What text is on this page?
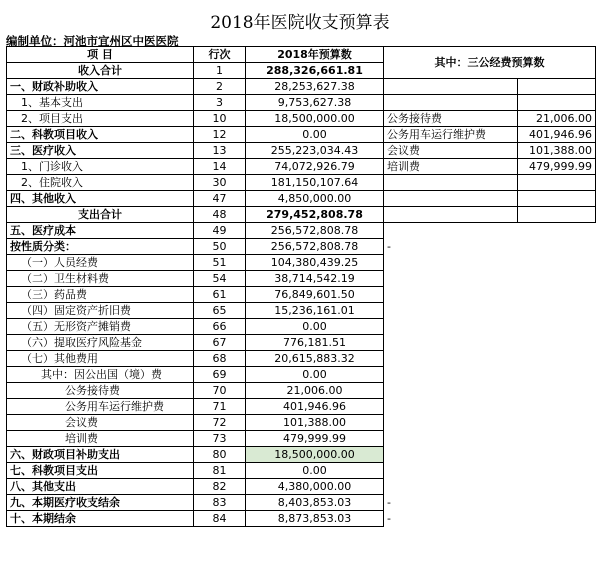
2018年医院收支预算表
编制单位：河池市宜州区中医医院
项 目	行次	2018年预算数	其中：三公经费预算数	
收入合计	1	288,326,661.81		
一、财政补助收入	2	28,253,627.38		
1、基本支出	3	9,753,627.38		
2、项目支出	10	18,500,000.00	公务接待费	21,006.00
二、科教项目收入	12	0.00	公务用车运行维护费	401,946.96
三、医疗收入	13	255,223,034.43	会议费	101,388.00
1、门诊收入	14	74,072,926.79	培训费	479,999.99
2、住院收入	30	181,150,107.64		
四、其他收入	47	4,850,000.00		
支出合计	48	279,452,808.78		
五、医疗成本	49	256,572,808.78		
按性质分类：	50	256,572,808.78	-	
（一）人员经费	51	104,380,439.25		
（二）卫生材料费	54	38,714,542.19		
（三）药品费	61	76,849,601.50		
（四）固定资产折旧费	65	15,236,161.01		
（五）无形资产摊销费	66	0.00		
（六）提取医疗风险基金	67	776,181.51		
（七）其他费用	68	20,615,883.32		
其中：因公出国（境）费	69	0.00		
公务接待费	70	21,006.00		
公务用车运行维护费	71	401,946.96		
会议费	72	101,388.00		
培训费	73	479,999.99		
六、财政项目补助支出	80	18,500,000.00		
七、科教项目支出	81	0.00		
八、其他支出	82	4,380,000.00		
九、本期医疗收支结余	83	8,403,853.03	-	
十、本期结余	84	8,873,853.03	-	
